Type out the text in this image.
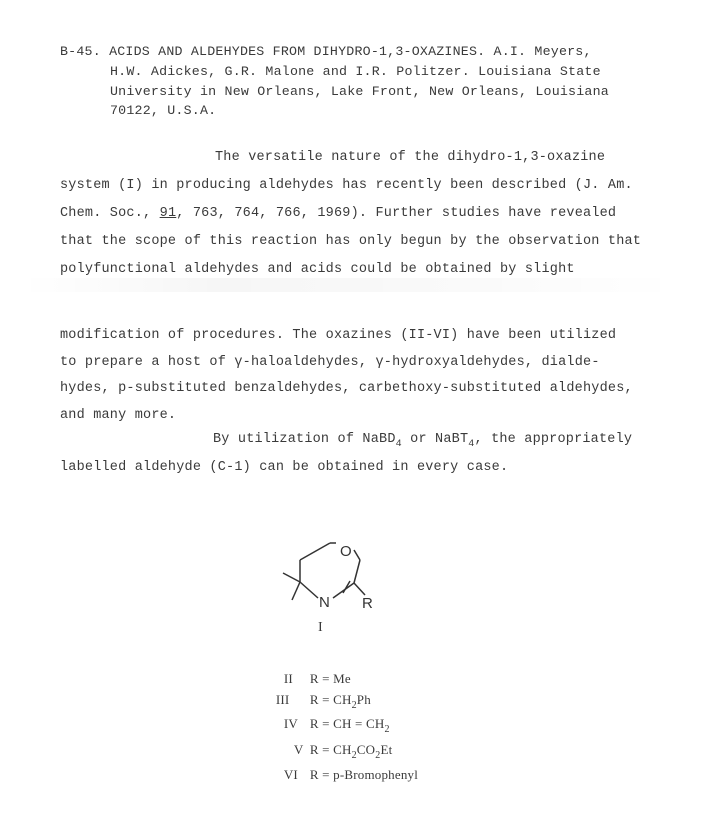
B-45. ACIDS AND ALDEHYDES FROM DIHYDRO-1,3-OXAZINES. A.I. Meyers,
H.W. Adickes, G.R. Malone and I.R. Politzer. Louisiana State
University in New Orleans, Lake Front, New Orleans, Louisiana
70122, U.S.A.
The versatile nature of the dihydro-1,3-oxazine
system (I) in producing aldehydes has recently been described (J. Am.
Chem. Soc., 91, 763, 764, 766, 1969). Further studies have revealed
that the scope of this reaction has only begun by the observation that
polyfunctional aldehydes and acids could be obtained by slight
modification of procedures. The oxazines (II-VI) have been utilized
to prepare a host of γ-haloaldehydes, γ-hydroxyaldehydes, dialde-
hydes, p-substituted benzaldehydes, carbethoxy-substituted aldehydes,
and many more.
By utilization of NaBD$_4$ or NaBT$_4$, the appropriately
labelled aldehyde (C-1) can be obtained in every case.
O
N R
I

II R = Me

III $R = CH_2Ph$

IV R = CH = $CH_2$

V $R = CH_2CO_2Et$

VI R = p-Bromophenyl
